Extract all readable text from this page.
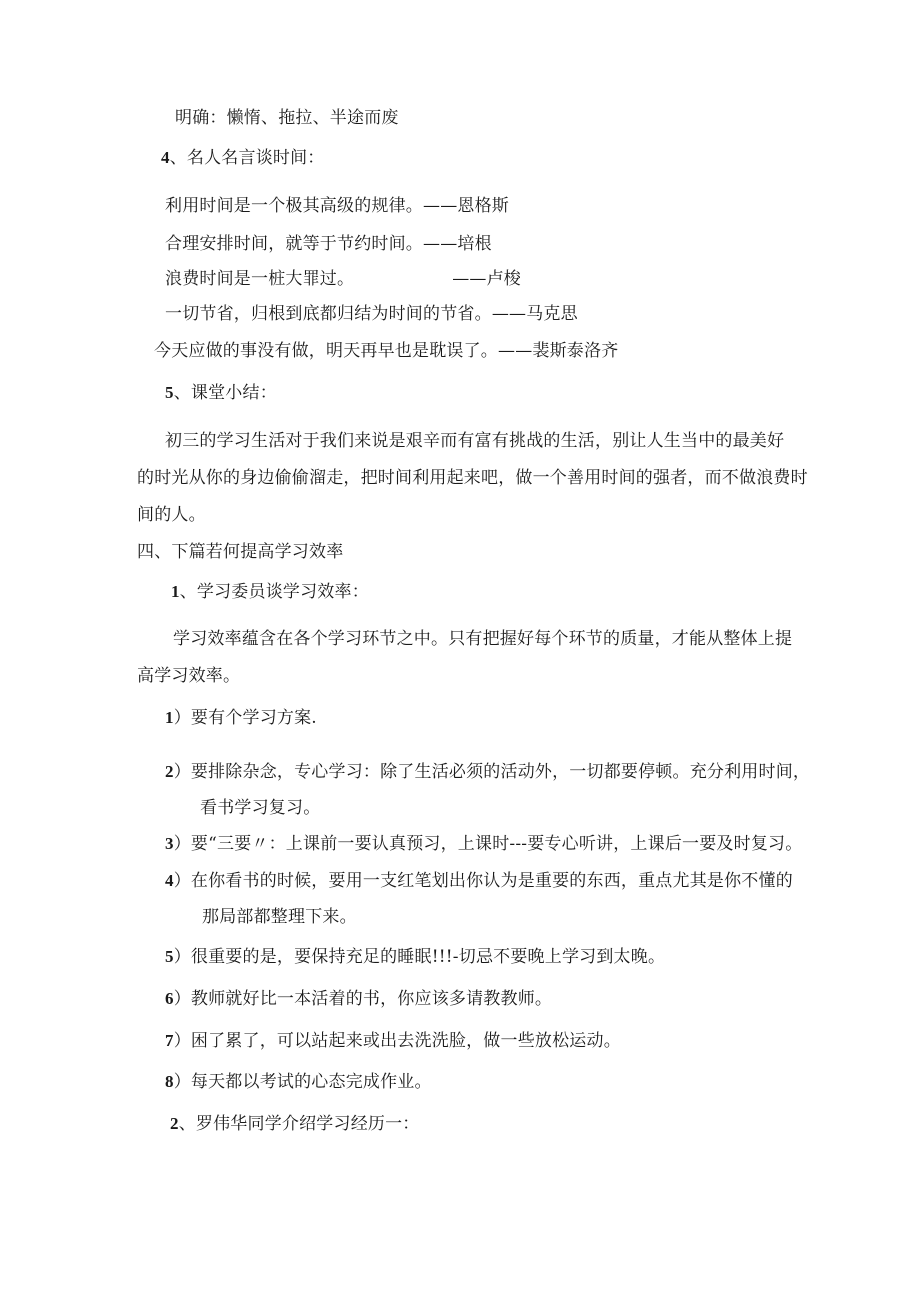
明确：懒惰、拖拉、半途而废
4、名人名言谈时间：
利用时间是一个极其高级的规律。——恩格斯
合理安排时间，就等于节约时间。——培根
浪费时间是一桩大罪过。	——卢梭
一切节省，归根到底都归结为时间的节省。——马克思
今天应做的事没有做，明天再早也是耽误了。——裴斯泰洛齐
5、课堂小结：

初三的学习生活对于我们来说是艰辛而有富有挑战的生活，别让人生当中的最美好

的时光从你的身边偷偷溜走，把时间利用起来吧，做一个善用时间的强者，而不做浪费时

间的人。

四、下篇若何提高学习效率
1、学习委员谈学习效率：

学习效率蕴含在各个学习环节之中。只有把握好每个环节的质量，才能从整体上提

高学习效率。

1）要有个学习方案.
2）要排除杂念，专心学习：除了生活必须的活动外，一切都要停顿。充分利用时间，
看书学习复习。
3）要“三要〃：上课前一要认真预习，上课时---要专心听讲，上课后一要及时复习。
4）在你看书的时候，要用一支红笔划出你认为是重要的东西，重点尤其是你不懂的
那局部都整理下来。
5）很重要的是，要保持充足的睡眠!!!-切忌不要晚上学习到太晚。
6）教师就好比一本活着的书，你应该多请教教师。
7）困了累了，可以站起来或出去洗洗脸，做一些放松运动。
8）每天都以考试的心态完成作业。
2、罗伟华同学介绍学习经历一：
